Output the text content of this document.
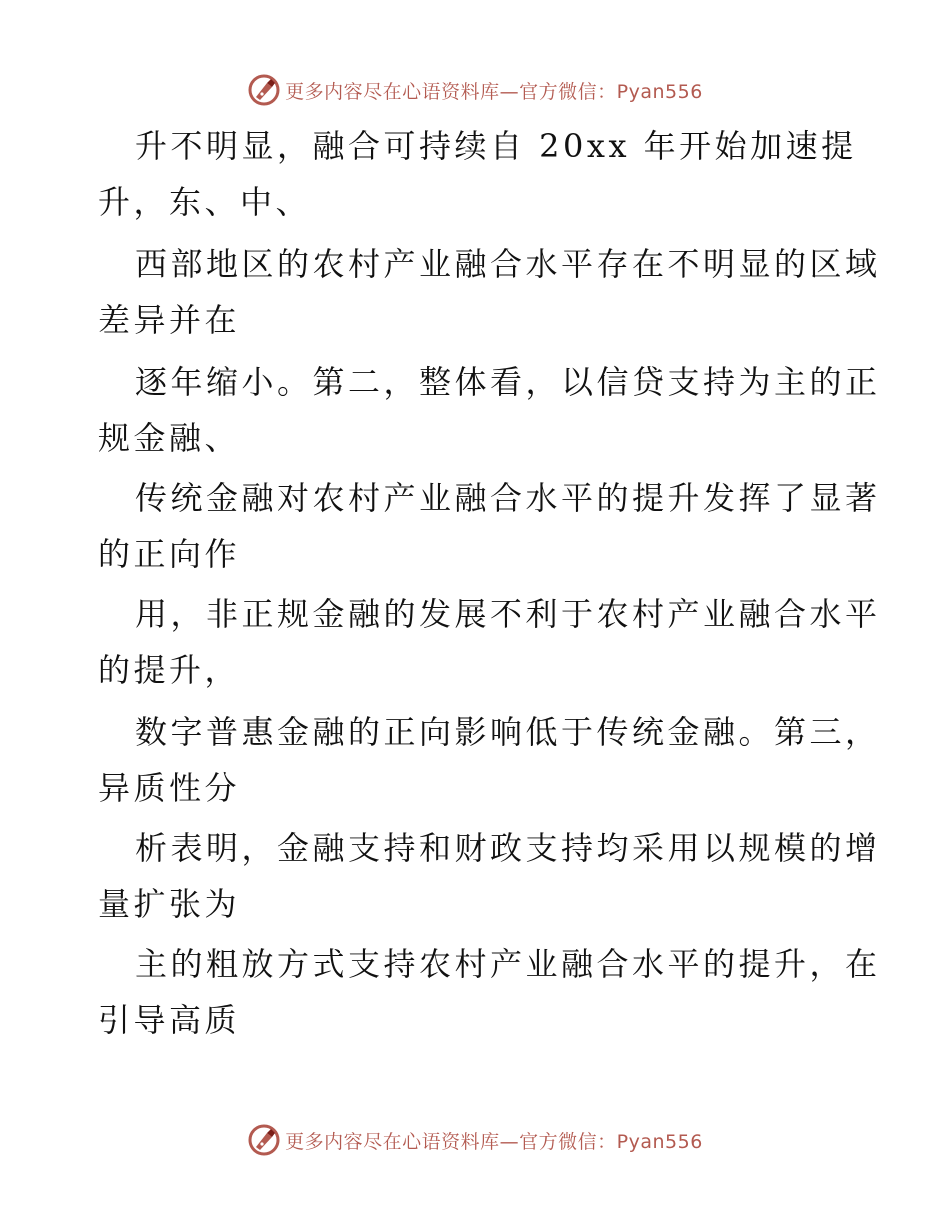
更多内容尽在心语资料库—官方微信：Pyan556
升不明显，融合可持续自 20xx 年开始加速提
升，东、中、
西部地区的农村产业融合水平存在不明显的区域
差异并在
逐年缩小。第二，整体看，以信贷支持为主的正
规金融、
传统金融对农村产业融合水平的提升发挥了显著
的正向作
用，非正规金融的发展不利于农村产业融合水平
的提升，
数字普惠金融的正向影响低于传统金融。第三，
异质性分
析表明，金融支持和财政支持均采用以规模的增
量扩张为
主的粗放方式支持农村产业融合水平的提升，在
引导高质
更多内容尽在心语资料库—官方微信：Pyan556
